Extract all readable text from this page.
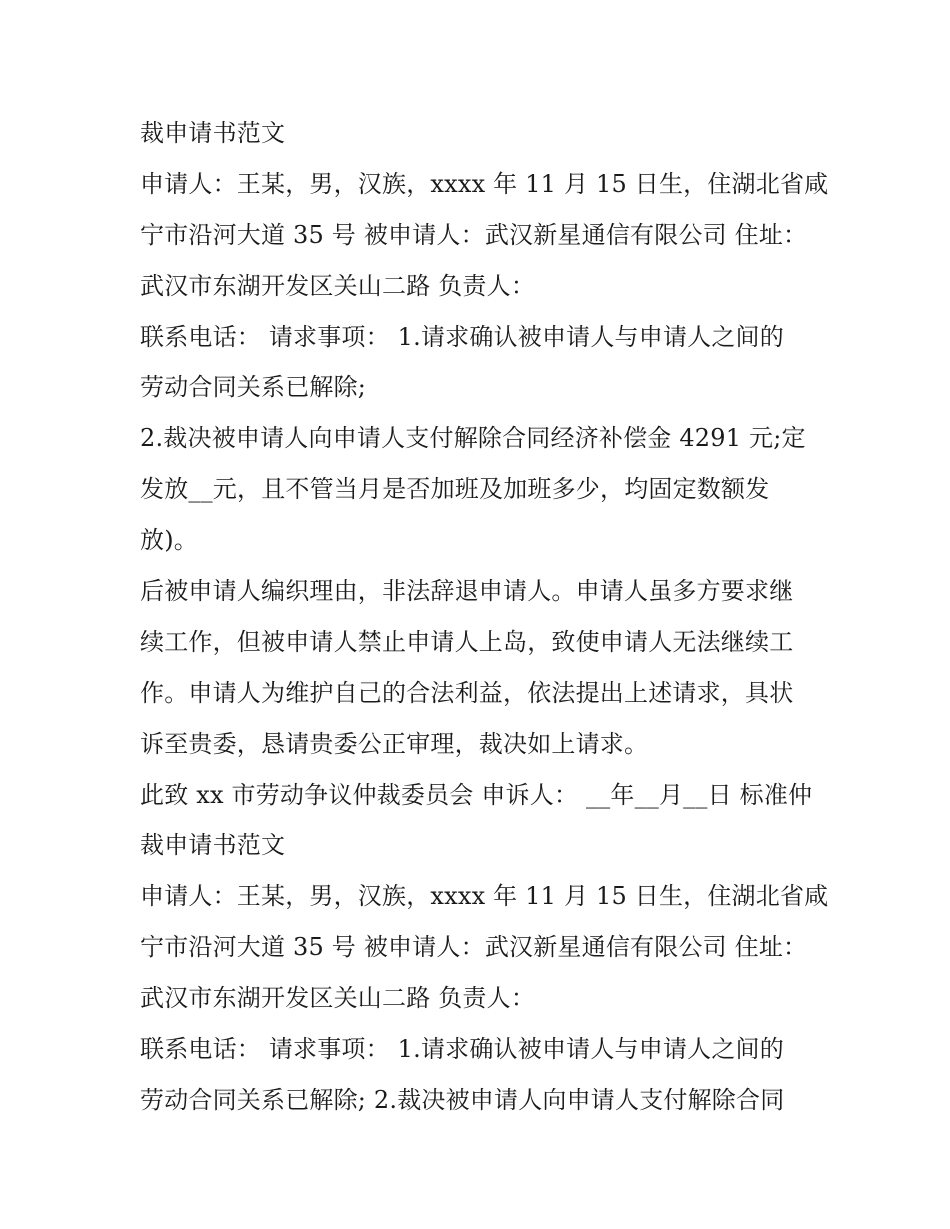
裁申请书范文
申请人：王某，男，汉族，xxxx 年 11 月 15 日生，住湖北省咸
宁市沿河大道 35 号 被申请人：武汉新星通信有限公司 住址：
武汉市东湖开发区关山二路 负责人：
联系电话： 请求事项： 1.请求确认被申请人与申请人之间的
劳动合同关系已解除;
2.裁决被申请人向申请人支付解除合同经济补偿金 4291 元;定
发放__元，且不管当月是否加班及加班多少，均固定数额发
放)。
后被申请人编织理由，非法辞退申请人。申请人虽多方要求继
续工作，但被申请人禁止申请人上岛，致使申请人无法继续工
作。申请人为维护自己的合法利益，依法提出上述请求，具状
诉至贵委，恳请贵委公正审理，裁决如上请求。
此致 xx 市劳动争议仲裁委员会 申诉人： __年__月__日 标准仲
裁申请书范文
申请人：王某，男，汉族，xxxx 年 11 月 15 日生，住湖北省咸
宁市沿河大道 35 号 被申请人：武汉新星通信有限公司 住址：
武汉市东湖开发区关山二路 负责人：
联系电话： 请求事项： 1.请求确认被申请人与申请人之间的
劳动合同关系已解除; 2.裁决被申请人向申请人支付解除合同
